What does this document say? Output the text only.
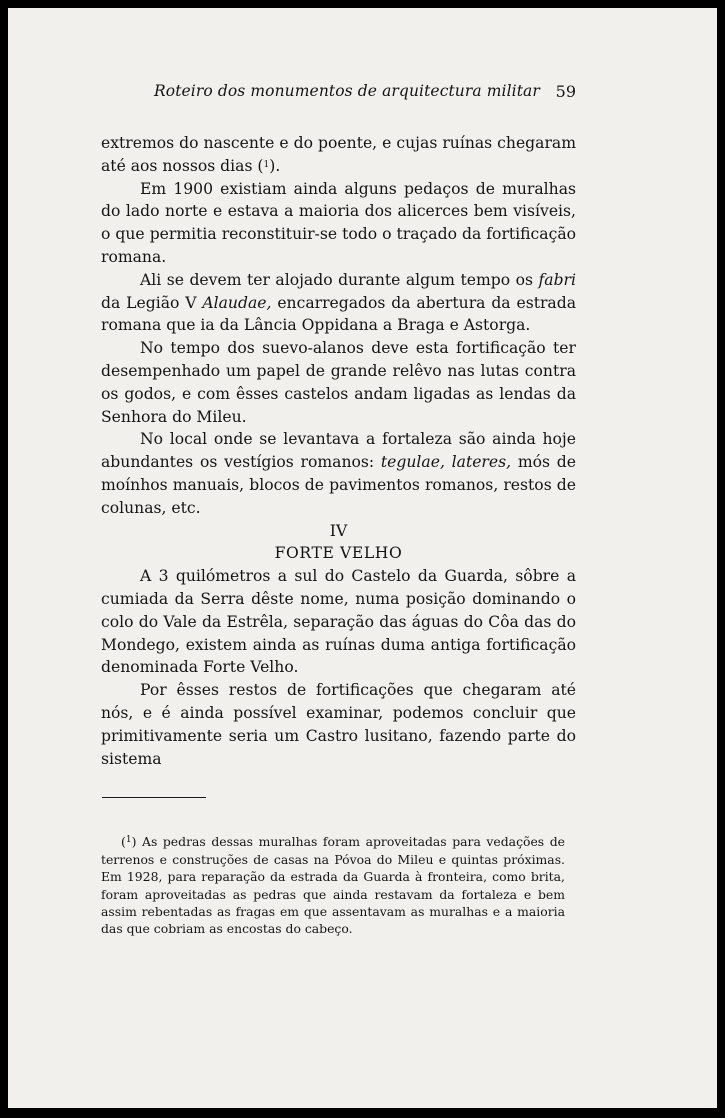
Roteiro dos monumentos de arquitectura militar 59

extremos do nascente e do poente, e cujas ruínas chegaram até aos nossos dias ($^1$).

Em 1900 existiam ainda alguns pedaços de muralhas do lado norte e estava a maioria dos alicerces bem visíveis, o que permitia reconstituir-se todo o traçado da fortificação romana.

Ali se devem ter alojado durante algum tempo os fabri da Legião V Alaudae, encarregados da abertura da estrada romana que ia da Lância Oppidana a Braga e Astorga.

No tempo dos suevo-alanos deve esta fortificação ter desempenhado um papel de grande relêvo nas lutas contra os godos, e com êsses castelos andam ligadas as lendas da Senhora do Mileu.

No local onde se levantava a fortaleza são ainda hoje abundantes os vestígios romanos: tegulae, lateres, mós de moínhos manuais, blocos de pavimentos romanos, restos de colunas, etc.

IV

FORTE VELHO

A 3 quilómetros a sul do Castelo da Guarda, sôbre a cumiada da Serra dêste nome, numa posição dominando o colo do Vale da Estrêla, separação das águas do Côa das do Mondego, existem ainda as ruínas duma antiga fortificação denominada Forte Velho.

Por êsses restos de fortificações que chegaram até nós, e é ainda possível examinar, podemos concluir que primitivamente seria um Castro lusitano, fazendo parte do sistema

($^1$) As pedras dessas muralhas foram aproveitadas para vedações de terrenos e construções de casas na Póvoa do Mileu e quintas próximas. Em 1928, para reparação da estrada da Guarda à fronteira, como brita, foram aproveitadas as pedras que ainda restavam da fortaleza e bem assim rebentadas as fragas em que assentavam as muralhas e a maioria das que cobriam as encostas do cabeço.
